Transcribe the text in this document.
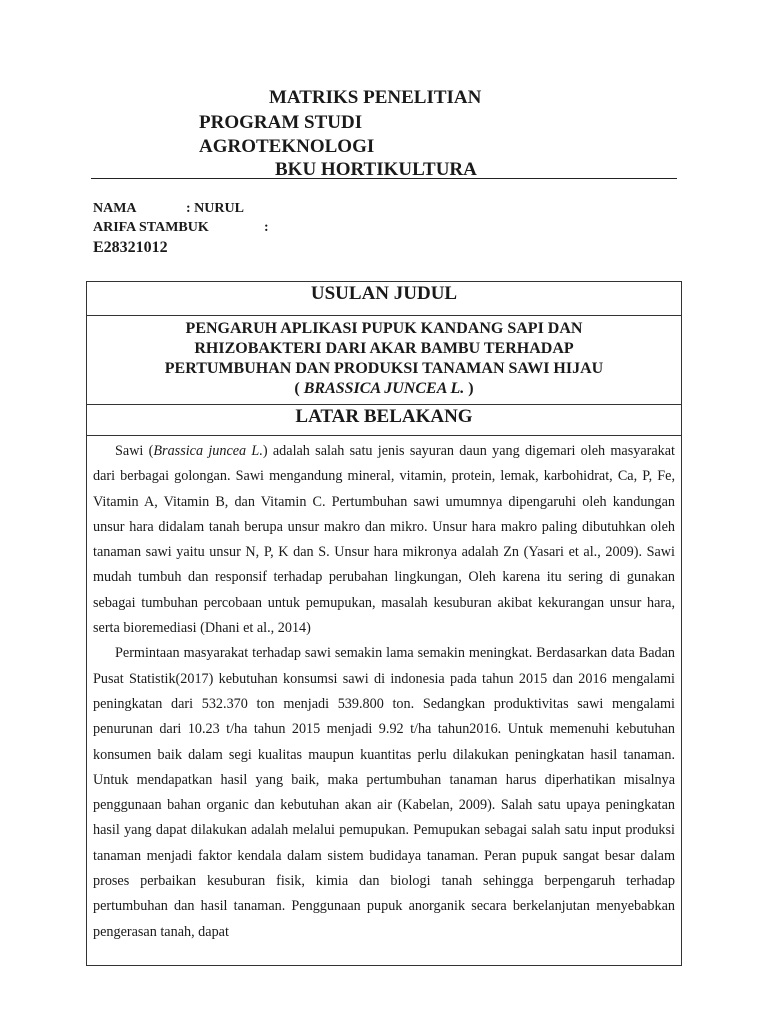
MATRIKS PENELITIAN
PROGRAM STUDI
AGROTEKNOLOGI
BKU HORTIKULTURA
NAMA	: NURUL
ARIFA STAMBUK	:
E28321012
USULAN JUDUL
PENGARUH APLIKASI PUPUK KANDANG SAPI DAN
RHIZOBAKTERI DARI AKAR BAMBU TERHADAP
PERTUMBUHAN DAN PRODUKSI TANAMAN SAWI HIJAU
( BRASSICA JUNCEA L. )
LATAR BELAKANG

Sawi (Brassica juncea L.) adalah salah satu jenis sayuran daun yang digemari oleh masyarakat dari berbagai golongan. Sawi mengandung mineral, vitamin, protein, lemak, karbohidrat, Ca, P, Fe, Vitamin A, Vitamin B, dan Vitamin C. Pertumbuhan sawi umumnya dipengaruhi oleh kandungan unsur hara didalam tanah berupa unsur makro dan mikro. Unsur hara makro paling dibutuhkan oleh tanaman sawi yaitu unsur N, P, K dan S. Unsur hara mikronya adalah Zn (Yasari et al., 2009). Sawi mudah tumbuh dan responsif terhadap perubahan lingkungan, Oleh karena itu sering di gunakan sebagai tumbuhan percobaan untuk pemupukan, masalah kesuburan akibat kekurangan unsur hara, serta bioremediasi (Dhani et al., 2014)

Permintaan masyarakat terhadap sawi semakin lama semakin meningkat. Berdasarkan data Badan Pusat Statistik(2017) kebutuhan konsumsi sawi di indonesia pada tahun 2015 dan 2016 mengalami peningkatan dari 532.370 ton menjadi 539.800 ton. Sedangkan produktivitas sawi mengalami penurunan dari 10.23 t/ha tahun 2015 menjadi 9.92 t/ha tahun2016. Untuk memenuhi kebutuhan konsumen baik dalam segi kualitas maupun kuantitas perlu dilakukan peningkatan hasil tanaman. Untuk mendapatkan hasil yang baik, maka pertumbuhan tanaman harus diperhatikan misalnya penggunaan bahan organic dan kebutuhan akan air (Kabelan, 2009). Salah satu upaya peningkatan hasil yang dapat dilakukan adalah melalui pemupukan. Pemupukan sebagai salah satu input produksi tanaman menjadi faktor kendala dalam sistem budidaya tanaman. Peran pupuk sangat besar dalam proses perbaikan kesuburan fisik, kimia dan biologi tanah sehingga berpengaruh terhadap pertumbuhan dan hasil tanaman. Penggunaan pupuk anorganik secara berkelanjutan menyebabkan pengerasan tanah, dapat
